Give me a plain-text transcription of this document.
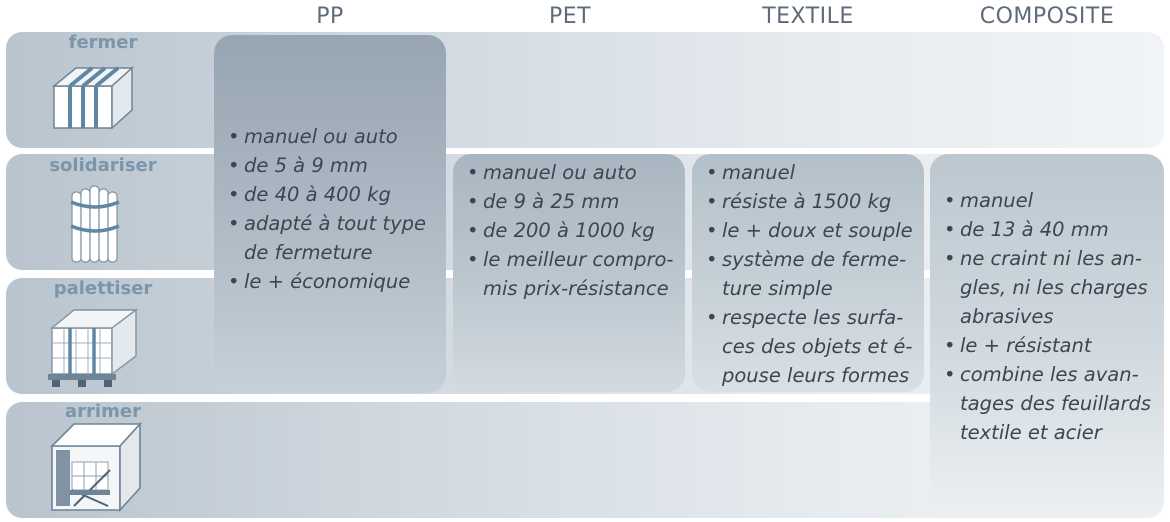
PP	PET	TEXTILE	COMPOSITE
fermer
solidariser
palettiser
arrimer
• manuel ou auto
• de 5 à 9 mm
• de 40 à 400 kg
• adapté à tout type
de fermeture
• le + économique
• manuel ou auto
• de 9 à 25 mm
• de 200 à 1000 kg
• le meilleur compro-
mis prix-résistance
• manuel
• résiste à 1500 kg
• le + doux et souple
• système de ferme-
ture simple
• respecte les surfa-
ces des objets et é-
pouse leurs formes
• manuel
• de 13 à 40 mm
• ne craint ni les an-
gles, ni les charges
abrasives
• le + résistant
• combine les avan-
tages des feuillards
textile et acier
